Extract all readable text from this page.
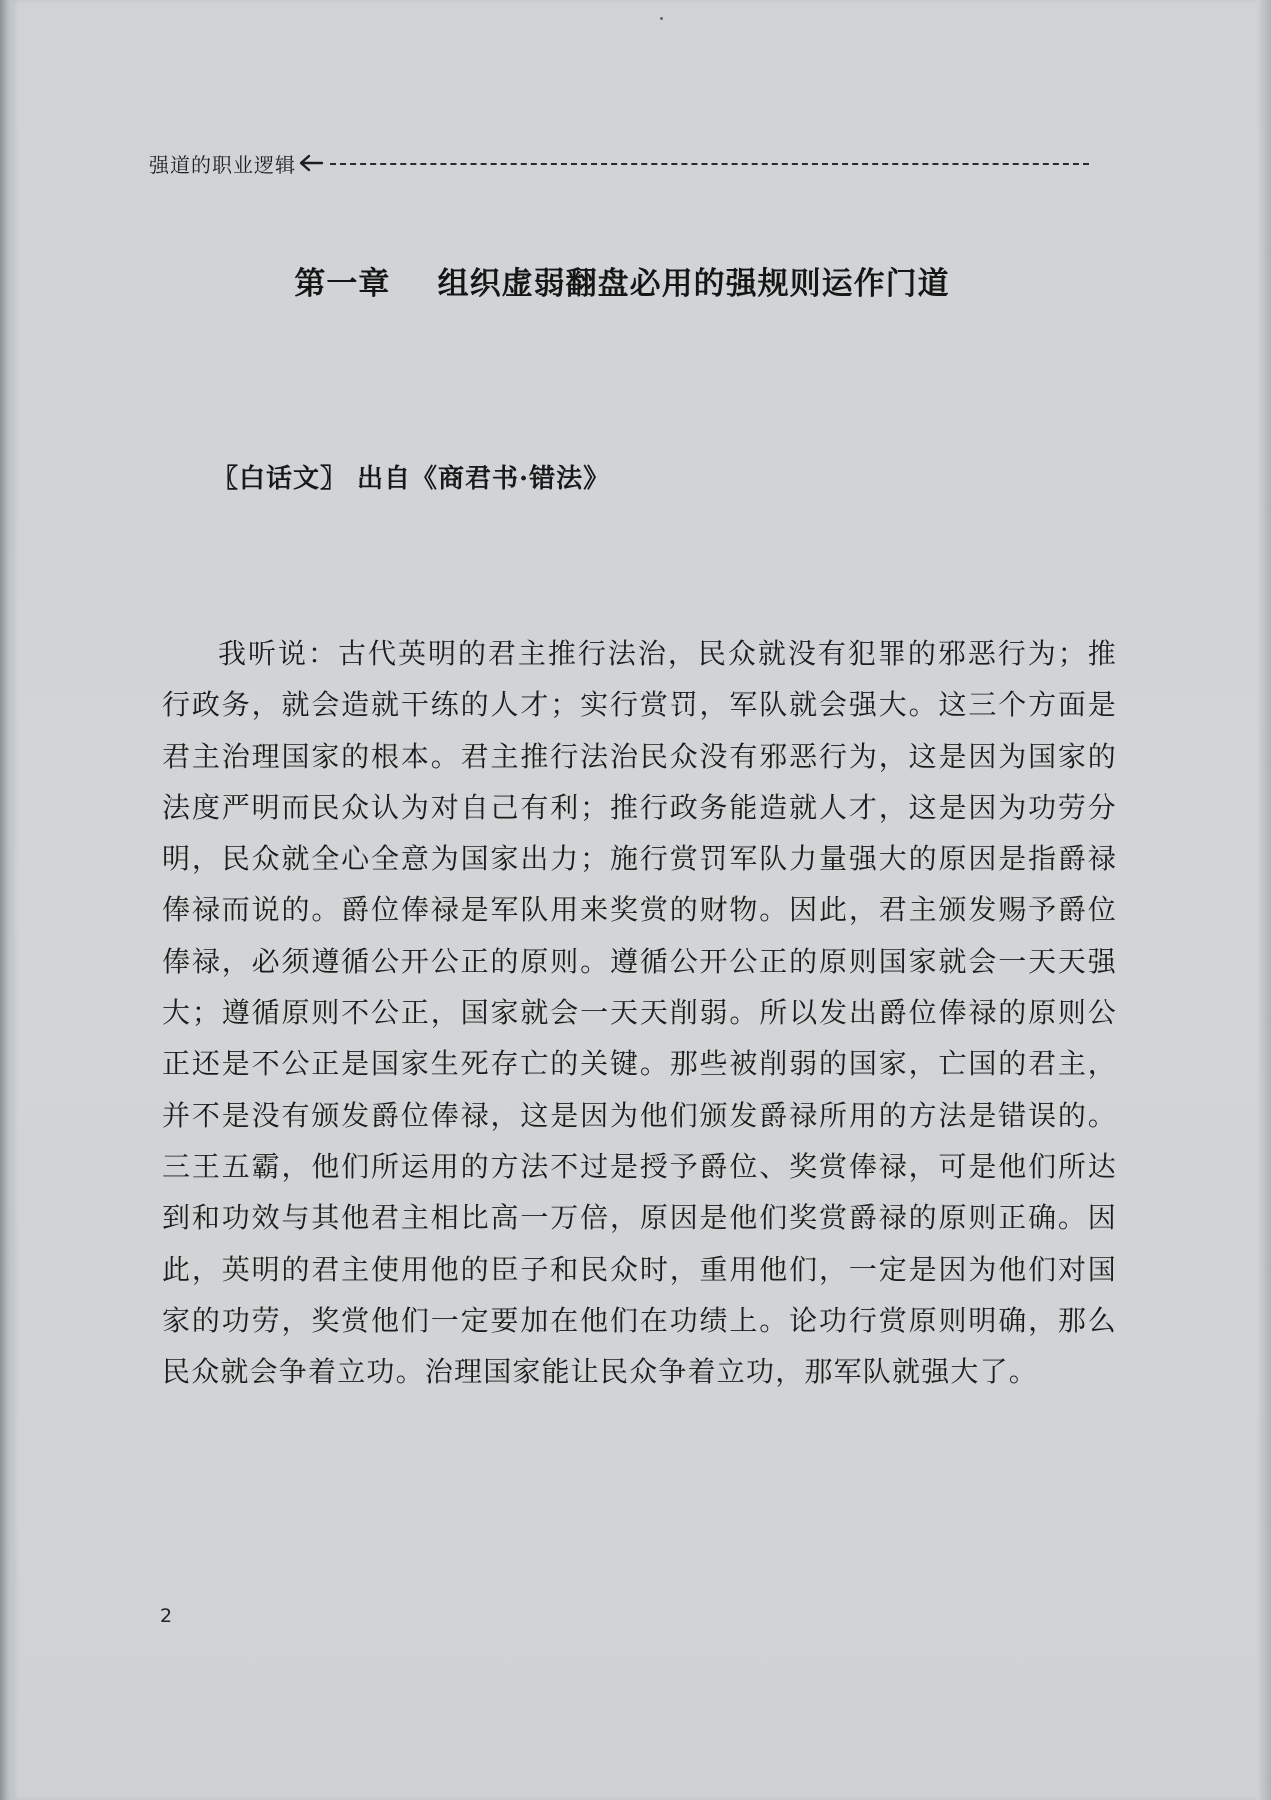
强道的职业逻辑
第一章    组织虚弱翻盘必用的强规则运作门道
〖白话文〗 出自《商君书·错法》
我听说：古代英明的君主推行法治，民众就没有犯罪的邪恶行为；推行政务，就会造就干练的人才；实行赏罚，军队就会强大。这三个方面是君主治理国家的根本。君主推行法治民众没有邪恶行为，这是因为国家的法度严明而民众认为对自己有利；推行政务能造就人才，这是因为功劳分明，民众就全心全意为国家出力；施行赏罚军队力量强大的原因是指爵禄俸禄而说的。爵位俸禄是军队用来奖赏的财物。因此，君主颁发赐予爵位俸禄，必须遵循公开公正的原则。遵循公开公正的原则国家就会一天天强大；遵循原则不公正，国家就会一天天削弱。所以发出爵位俸禄的原则公正还是不公正是国家生死存亡的关键。那些被削弱的国家，亡国的君主，并不是没有颁发爵位俸禄，这是因为他们颁发爵禄所用的方法是错误的。三王五霸，他们所运用的方法不过是授予爵位、奖赏俸禄，可是他们所达到和功效与其他君主相比高一万倍，原因是他们奖赏爵禄的原则正确。因此，英明的君主使用他的臣子和民众时，重用他们，一定是因为他们对国家的功劳，奖赏他们一定要加在他们在功绩上。论功行赏原则明确，那么民众就会争着立功。治理国家能让民众争着立功，那军队就强大了。
2
